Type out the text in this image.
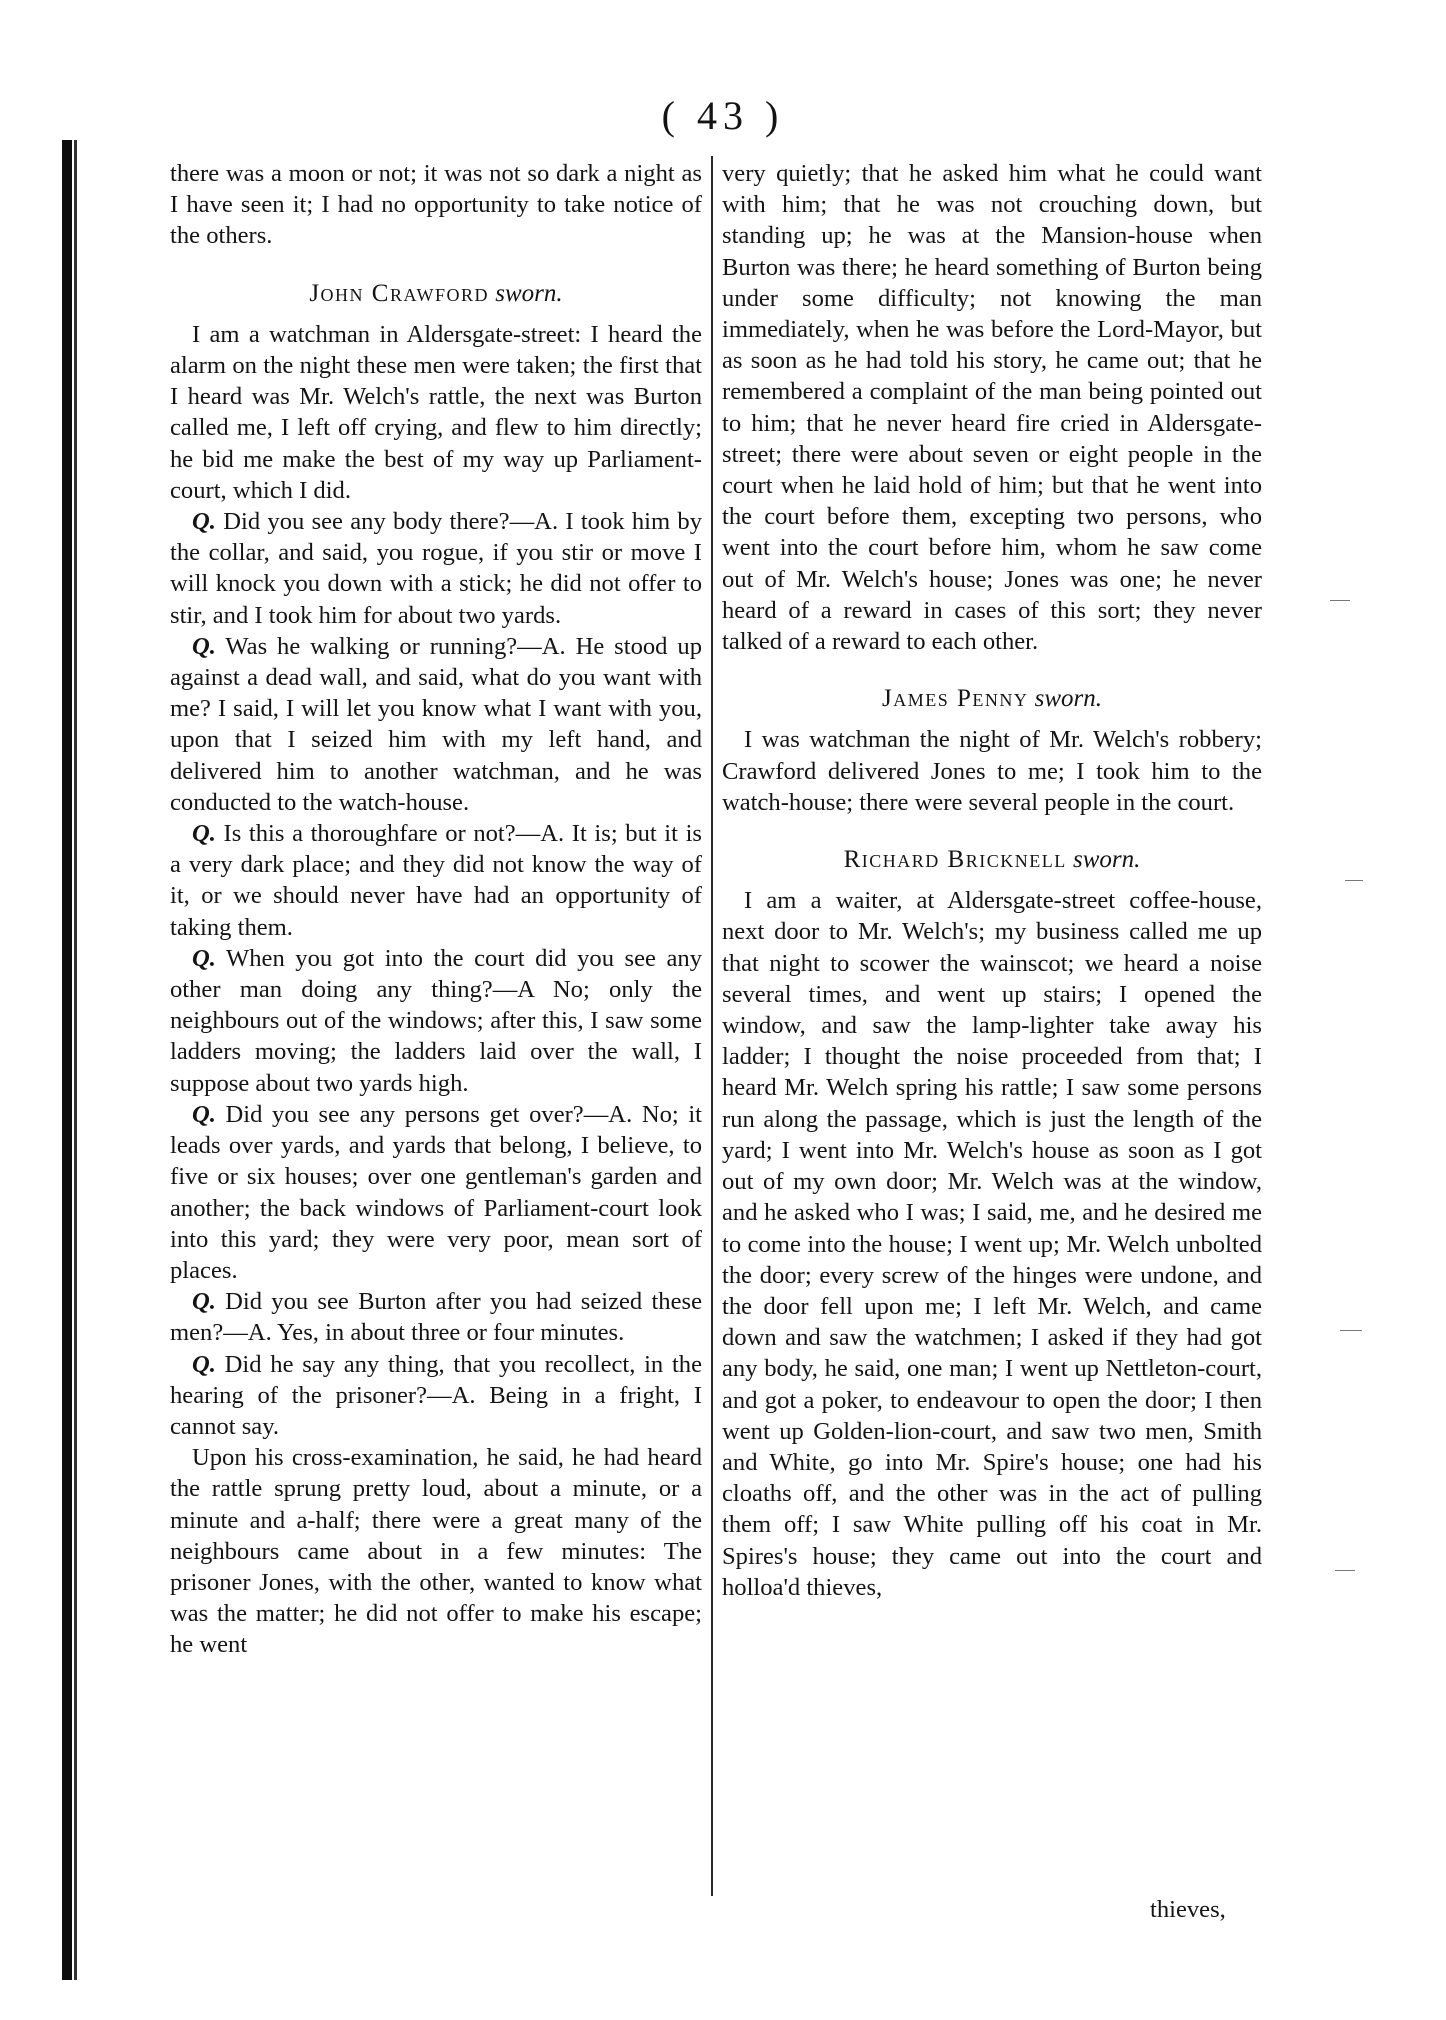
( 43 )

there was a moon or not; it was not so dark a night as I have seen it; I had no opportunity to take notice of the others.

John Crawford sworn.

I am a watchman in Aldersgate-street: I heard the alarm on the night these men were taken; the first that I heard was Mr. Welch's rattle, the next was Burton called me, I left off crying, and flew to him directly; he bid me make the best of my way up Parliament-court, which I did.

Q. Did you see any body there?—A. I took him by the collar, and said, you rogue, if you stir or move I will knock you down with a stick; he did not offer to stir, and I took him for about two yards.

Q. Was he walking or running?—A. He stood up against a dead wall, and said, what do you want with me? I said, I will let you know what I want with you, upon that I seized him with my left hand, and delivered him to another watchman, and he was conducted to the watch-house.

Q. Is this a thoroughfare or not?—A. It is; but it is a very dark place; and they did not know the way of it, or we should never have had an opportunity of taking them.

Q. When you got into the court did you see any other man doing any thing?—A No; only the neighbours out of the windows; after this, I saw some ladders moving; the ladders laid over the wall, I suppose about two yards high.

Q. Did you see any persons get over?—A. No; it leads over yards, and yards that belong, I believe, to five or six houses; over one gentleman's garden and another; the back windows of Parliament-court look into this yard; they were very poor, mean sort of places.

Q. Did you see Burton after you had seized these men?—A. Yes, in about three or four minutes.

Q. Did he say any thing, that you recollect, in the hearing of the prisoner?—A. Being in a fright, I cannot say.

Upon his cross-examination, he said, he had heard the rattle sprung pretty loud, about a minute, or a minute and a-half; there were a great many of the neighbours came about in a few minutes: The prisoner Jones, with the other, wanted to know what was the matter; he did not offer to make his escape; he went

very quietly; that he asked him what he could want with him; that he was not crouching down, but standing up; he was at the Mansion-house when Burton was there; he heard something of Burton being under some difficulty; not knowing the man immediately, when he was before the Lord-Mayor, but as soon as he had told his story, he came out; that he remembered a complaint of the man being pointed out to him; that he never heard fire cried in Aldersgate-street; there were about seven or eight people in the court when he laid hold of him; but that he went into the court before them, excepting two persons, who went into the court before him, whom he saw come out of Mr. Welch's house; Jones was one; he never heard of a reward in cases of this sort; they never talked of a reward to each other.

James Penny sworn.

I was watchman the night of Mr. Welch's robbery; Crawford delivered Jones to me; I took him to the watch-house; there were several people in the court.

Richard Bricknell sworn.

I am a waiter, at Aldersgate-street coffee-house, next door to Mr. Welch's; my business called me up that night to scower the wainscot; we heard a noise several times, and went up stairs; I opened the window, and saw the lamp-lighter take away his ladder; I thought the noise proceeded from that; I heard Mr. Welch spring his rattle; I saw some persons run along the passage, which is just the length of the yard; I went into Mr. Welch's house as soon as I got out of my own door; Mr. Welch was at the window, and he asked who I was; I said, me, and he desired me to come into the house; I went up; Mr. Welch unbolted the door; every screw of the hinges were undone, and the door fell upon me; I left Mr. Welch, and came down and saw the watchmen; I asked if they had got any body, he said, one man; I went up Nettleton-court, and got a poker, to endeavour to open the door; I then went up Golden-lion-court, and saw two men, Smith and White, go into Mr. Spire's house; one had his cloaths off, and the other was in the act of pulling them off; I saw White pulling off his coat in Mr. Spires's house; they came out into the court and holloa'd thieves,

thieves,
